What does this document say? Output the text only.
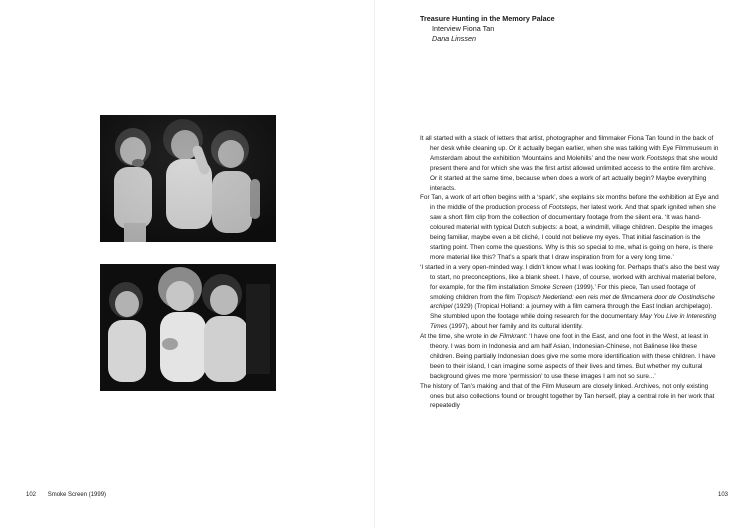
Treasure Hunting in the Memory Palace
Interview Fiona Tan
Dana Linssen

It all started with a stack of letters that artist, photographer and filmmaker Fiona Tan found in the back of her desk while cleaning up. Or it actually began earlier, when she was talking with Eye Filmmuseum in Amsterdam about the exhibition ‘Mountains and Molehills’ and the new work Footsteps that she would present there and for which she was the first artist allowed unlimited access to the entire film archive. Or it started at the same time, because when does a work of art actually begin? Maybe everything interacts.

For Tan, a work of art often begins with a ‘spark’, she explains six months before the exhibition at Eye and in the middle of the production process of Footsteps, her latest work. And that spark ignited when she saw a short film clip from the collection of documentary footage from the silent era. ‘It was hand-coloured material with typical Dutch subjects: a boat, a windmill, village children. Despite the images being familiar, maybe even a bit cliché, I could not believe my eyes. That initial fascination is the starting point. Then come the questions. Why is this so special to me, what is going on here, is there more material like this? That’s a spark that I draw inspiration from for a very long time.’

‘I started in a very open-minded way. I didn’t know what I was looking for. Perhaps that’s also the best way to start, no preconceptions, like a blank sheet. I have, of course, worked with archival material before, for example, for the film installation Smoke Screen (1999).’ For this piece, Tan used footage of smoking children from the film Tropisch Nederland: een reis met de filmcamera door de Oostindische archipel (1929) (Tropical Holland: a journey with a film camera through the East Indian archipelago). She stumbled upon the footage while doing research for the documentary May You Live in Interesting Times (1997), about her family and its cultural identity.

At the time, she wrote in de Filmkrant: ‘I have one foot in the East, and one foot in the West, at least in theory. I was born in Indonesia and am half Asian, Indonesian-Chinese, not Balinese like these children. Being partially Indonesian does give me some more identification with these children. I have been to their island, I can imagine some aspects of their lives and times. But whether my cultural background gives me more ‘permission’ to use these images I am not so sure...’

The history of Tan’s making and that of the Film Museum are closely linked. Archives, not only existing ones but also collections found or brought together by Tan herself, play a central role in her work that repeatedly

102 Smoke Screen (1999)	103
